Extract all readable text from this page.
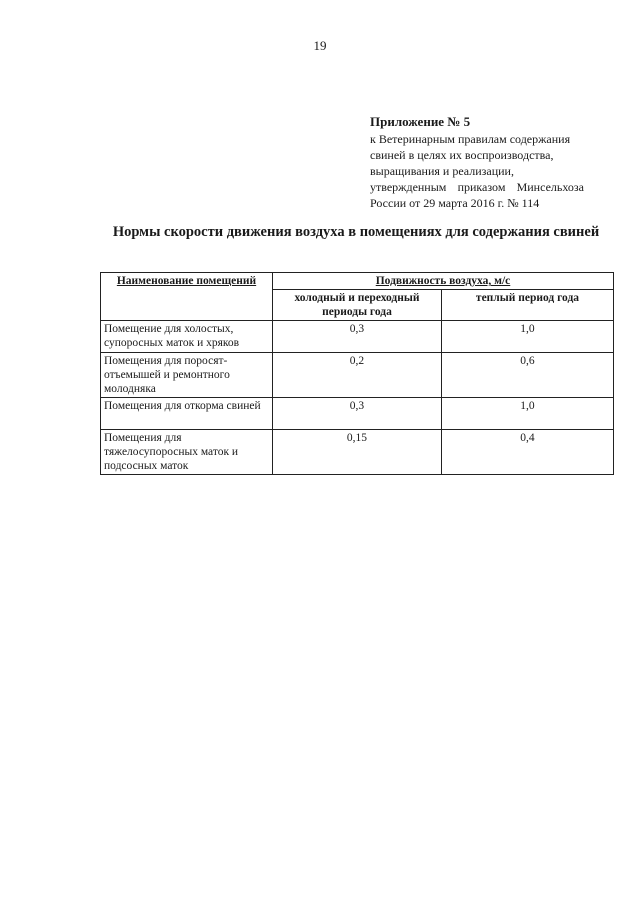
19
Приложение № 5
к Ветеринарным правилам содержания
свиней в целях их воспроизводства,
выращивания и реализации,
утвержденным приказом Минсельхоза
России от 29 марта 2016 г. № 114
Нормы скорости движения воздуха в помещениях для содержания свиней
Наименование помещений	Подвижность воздуха, м/с	
	холодный и переходный периоды года	теплый период года
Помещение для холостых, супоросных маток и хряков	0,3	1,0
Помещения для поросят-отъемышей и ремонтного молодняка	0,2	0,6
Помещения для откорма свиней	0,3	1,0
Помещения для тяжелосупоросных маток и подсосных маток	0,15	0,4
